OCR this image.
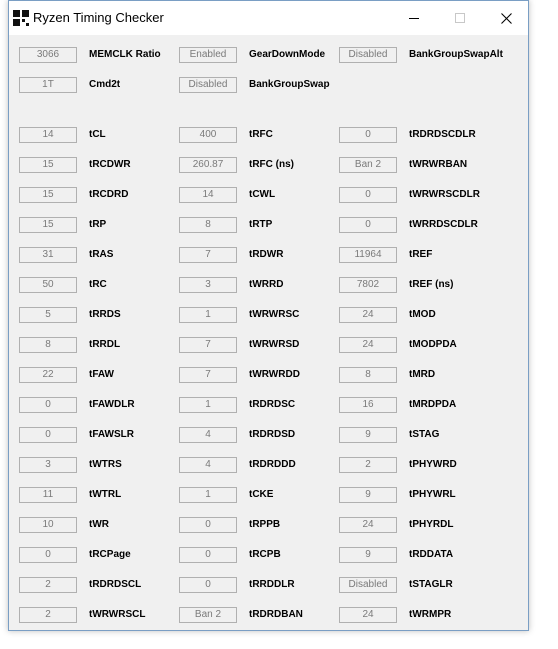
Ryzen Timing Checker
3066	MEMCLK Ratio	Enabled	GearDownMode	Disabled	BankGroupSwapAlt
1T	Cmd2t	Disabled	BankGroupSwap
14	tCL	400	tRFC	0	tRDRDSCDLR
15	tRCDWR	260.87	tRFC (ns)	Ban 2	tWRWRBAN
15	tRCDRD	14	tCWL	0	tWRWRSCDLR
15	tRP	8	tRTP	0	tWRRDSCDLR
31	tRAS	7	tRDWR	11964	tREF
50	tRC	3	tWRRD	7802	tREF (ns)
5	tRRDS	1	tWRWRSC	24	tMOD
8	tRRDL	7	tWRWRSD	24	tMODPDA
22	tFAW	7	tWRWRDD	8	tMRD
0	tFAWDLR	1	tRDRDSC	16	tMRDPDA
0	tFAWSLR	4	tRDRDSD	9	tSTAG
3	tWTRS	4	tRDRDDD	2	tPHYWRD
11	tWTRL	1	tCKE	9	tPHYWRL
10	tWR	0	tRPPB	24	tPHYRDL
0	tRCPage	0	tRCPB	9	tRDDATA
2	tRDRDSCL	0	tRRDDLR	Disabled	tSTAGLR
2	tWRWRSCL	Ban 2	tRDRDBAN	24	tWRMPR
